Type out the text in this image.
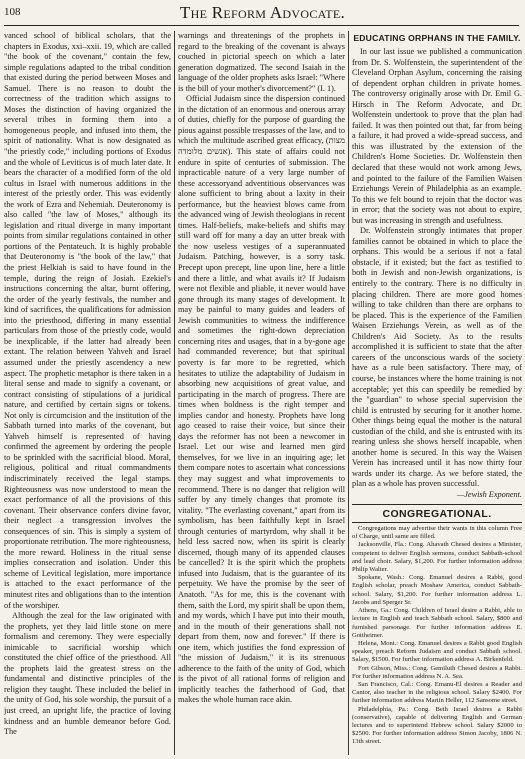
108	The Reform Advocate.

vanced school of biblical scholars, that the chapters in Exodus, xxi–xxii. 19, which are called "the book of the covenant," contain the few, simple regulations adapted to the tribal condition that existed during the period between Moses and Samuel. There is no reason to doubt the correctness of the tradition which assigns to Moses the distinction of having organized the several tribes in forming them into a homogeneous people, and infused into them, the spirit of nationality. What is now designated as "the priestly code," including portions of Exodus and the whole of Leviticus is of much later date. It bears the character of a modified form of the old cultus in Israel with numerous additions in the interest of the priestly order. This was evidently the work of Ezra and Nehemiah. Deuteronomy is also called "the law of Moses," although its legislation and ritual diverge in many important points from similar regulations contained in other portions of the Pentateuch. It is highly probable that Deuteronomy is "the book of the law," that the priest Helkiah is said to have found in the temple, during the reign of Josiah. Ezekiel's instructions concerning the altar, burnt offering, the order of the yearly festivals, the number and kind of sacrifices, the qualifications for admission into the priesthood, differing in many essential particulars from those of the priestly code, would be inexplicable, if the latter had already been extant. The relation between Yahveh and Israel assumed under the priestly ascendency a new aspect. The prophetic metaphor is there taken in a literal sense and made to signify a covenant, or contract consisting of stipulations of a juridical nature, and certified by certain signs or tokens. Not only is circumcision and the institution of the Sabbath turned into marks of the covenant, but Yahveh himself is represented of having confirmed the agreement by ordering the people to be sprinkled with the sacrificial blood. Moral, religious, political and ritual commandments indiscriminately received the legal stamps. Righteousness was now understood to mean the exact performance of all the provisions of this covenant. Their observance confers divine favor, their neglect a transgression involves the consequences of sin. This is simply a system of proportionate retribution. The more righteousness, the more reward. Holiness in the ritual sense implies consecration and isolation. Under this scheme of Levitical legislation, more importance is attached to the exact performance of the minutest rites and obligations than to the intention of the worshiper.

Although the zeal for the law originated with the prophets, yet they laid little stone on mere formalism and ceremony. They were especially inimicable to sacrificial worship which constituted the chief office of the priesthood. All the prophets laid the greatest stress on the fundamental and distinctive principles of the religion they taught. These included the belief in the unity of God, his sole worship, the pursuit of a just creed, an upright life, the practice of loving kindness and an humble demeanor before God. The

warnings and threatenings of the prophets in regard to the breaking of the covenant is always couched in pictorial speech on which a later generation dogmatized. The second Isaiah in the language of the older prophets asks Israel: "Where is the bill of your mother's divorcement?" (I. 1).

Official Judaism since the dispersion continued in the dictation of an enormous and onerous array of duties, chiefly for the purpose of guarding the pious against possible trespasses of the law, and to which the multitude ascribed great efficacy, (מצות אנשים מלומדה). This state of affairs could not endure in spite of centuries of submission. The inpracticable nature of a very large number of these accessoryand adventitious observances was alone sufficient to bring about a laxity in their performance, but the heaviest blows came from the advanced wing of Jewish theologians in recent times. Half-beliefs, make-beliefs and shifts may still ward off for many a day an utter break with the now useless vestiges of a superannuated Judaism. Patching, however, is a sorry task. Precept upon precept, line upon line, here a little and there a little, and what avails it? If Judaism were not flexible and pliable, it never would have gone through its many stages of development. It may be painful to many guides and leaders of Jewish communities to witness the indifference and sometimes the right-down depreciation concerning rites and usages, that in a by-gone age had commanded reverence; but that spiritual poverty is far more to be regretted, which hesitates to utilize the adaptability of Judaism in absorbing new acquisitions of great value, and participating in the march of progress. There are times when boldness is the right temper and implies candor and honesty. Prophets have long ago ceased to raise their voice, but since their days the reformer has not been a newcomer in Israel. Let our wise and learned men gird themselves, for we live in an inquiring age; let them compare notes to ascertain what concessions they may suggest and what improvements to recommend. There is no danger that religion will suffer by any timely changes that promote its vitality. "The everlasting covenant," apart from its symbolism, has been faithfully kept in Israel through centuries of martyrdom, why shall it be held less sacred now, when its spirit is clearly discerned, though many of its appended clauses be cancelled? It is the spirit which the prophets infused into Judaism, that is the guarantee of its perpetuity. We have the promise by the seer of Anatoth. "As for me, this is the covenant with them, saith the Lord, my spirit shall be upon them, and my words, which I have put into their mouth, and in the mouth of their generations shall not depart from them, now and forever." If there is one item, which justifies the fond expression of "the mission of Judaism," it is its strenuous adherence to the faith of the unity of God, which is the pivot of all rational forms of religion and implicitly teaches the fatherhood of God, that makes the whole human race akin.

EDUCATING ORPHANS IN THE FAMILY.

In our last issue we published a communication from Dr. S. Wolfenstein, the superintendent of the Cleveland Orphan Asylum, concerning the raising of dependent orphan children in private homes. The controversy originally arose with Dr. Emil G. Hirsch in The Reform Advocate, and Dr. Wolfenstein undertook to prove that the plan had failed. It was then pointed out that, far from being a failure, it had proved a wide-spread success, and this was illustrated by the extension of the Children's Home Societies. Dr. Wolfenstein then declared that these would not work among Jews, and pointed to the failure of the Familien Waisen Erziehungs Verein of Philadelphia as an example. To this we felt bound to rejoin that the doctor was in error; that the society was not about to expire, but was increasing in strength and usefulness.

Dr. Wolfenstein strongly intimates that proper families cannot be obtained in which to place the orphans. This would be a serious if not a fatal obstacle, if it existed; but the fact as testified to both in Jewish and non-Jewish organizations, is entirely to the contrary. There is no difficulty in placing children. There are more good homes willing to take children than there are orphans to be placed. This is the experience of the Familien Waisen Erziehungs Verein, as well as of the Children's Aid Society. As to the results accomplished it is sufficient to state that the after careers of the unconscious wards of the society have as a rule been satisfactory. There may, of course, be instances where the home training is not acceptable; yet this can speedily be remedied by the "guardian" to whose special supervision the child is entrusted by securing for it another home. Other things being equal the mother is the natural custodian of the child, and she is entrusted with its rearing unless she shows herself incapable, when another home is secured. In this way the Waisen Verein has increased until it has now thirty four wards under its charge. As we before stated, the plan as a whole has proven successful.

—Jewish Exponent.
CONGREGATIONAL.

Congregations may advertise their wants in this column Free of Charge, until same are filled.

Jacksonville, Fla.: Cong. Ahavath Chesed desires a Minister, competent to deliver English sermons, conduct Sabbath-school and lead choir. Salary, $1,200. For further information address Philip Walter.

Spokane, Wash.: Cong. Emanuel desires a Rabbi, good English scholar, preach Moshaw America, conduct Sabbath-school. Salary, $1,200. For further information address L. Jacobs and Sperger Sr.

Athens, Ga.: Cong. Children of Israel desire a Rabbi, able to lecture in English and teach Sabbath school. Salary, $800 and furnished parsonage. For further information address E. Gottheimer.

Helena, Mont.: Cong. Emanuel desires a Rabbi good English speaker, preach Reform Judaism and conduct Sabbath school. Salary, $1500. For further information address A. Birkenfeld.

Fort Gibson, Miss.: Cong. Gemiluth Chesed desires a Rabbi. For further information address N. A. Sea.

San Francisco, Cal.: Cong. Emanu-El desires a Reader and Cantor, also teacher in the religious school. Salary $2400. For further information address Martin Heller, 112 Sansome street.

Philadelphia, Pa.: Cong. Beth Israel desires a Rabbi (conservative), capable of delivering English and German lectures and to superintend Hebrew school. Salary $2000 to $2500. For further information address Simon Jacoby, 1806 N. 13th street.
